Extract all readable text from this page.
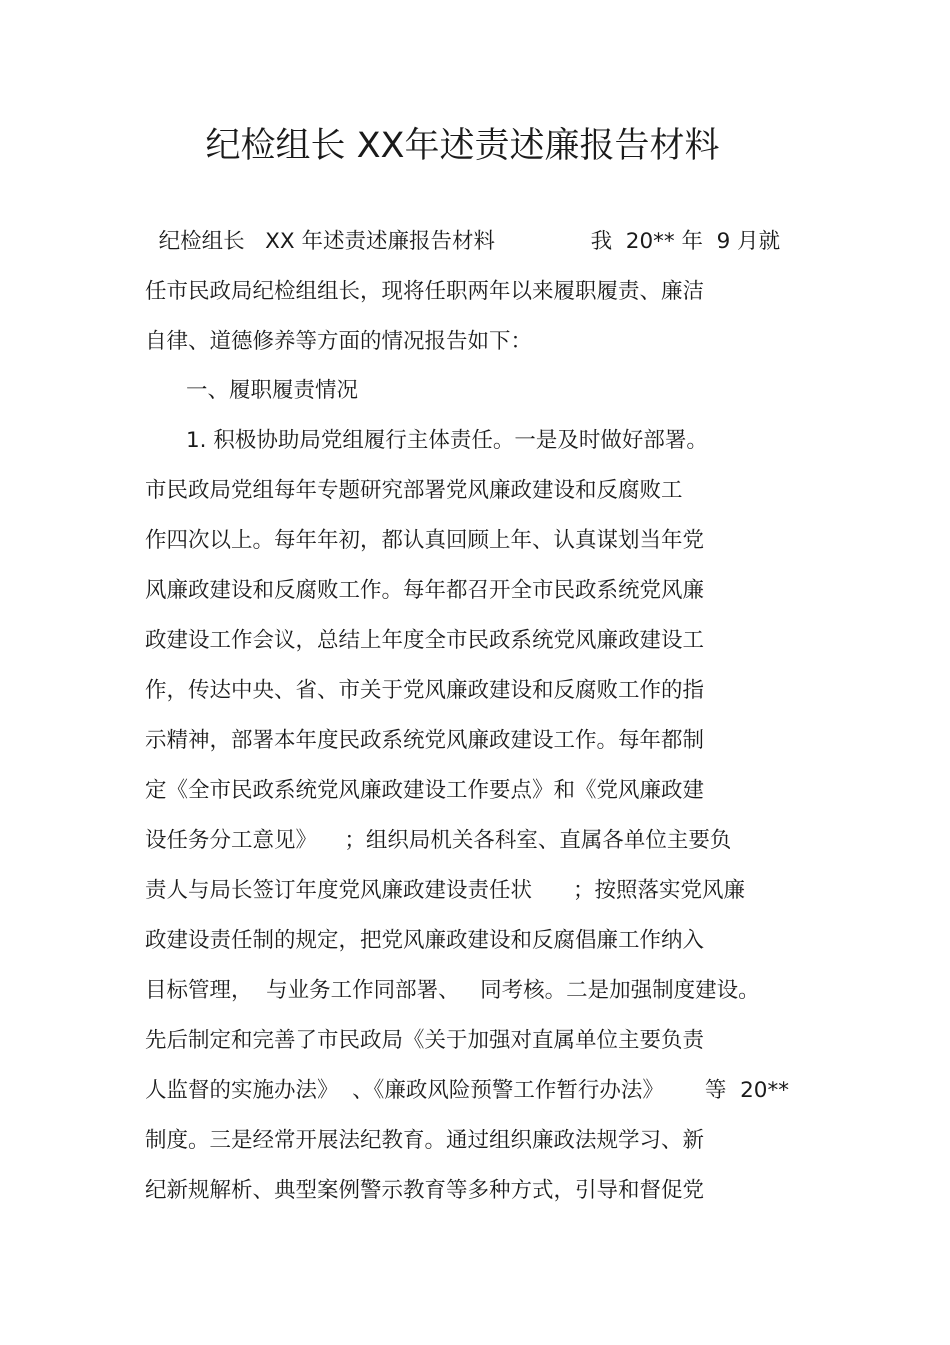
纪检组长 XX年述责述廉报告材料
纪检组长   XX 年述责述廉报告材料              我  20** 年  9 月就
任市民政局纪检组组长，现将任职两年以来履职履责、廉洁
自律、道德修养等方面的情况报告如下：
一、履职履责情况
1. 积极协助局党组履行主体责任。一是及时做好部署。
市民政局党组每年专题研究部署党风廉政建设和反腐败工
作四次以上。每年年初，都认真回顾上年、认真谋划当年党
风廉政建设和反腐败工作。每年都召开全市民政系统党风廉
政建设工作会议，总结上年度全市民政系统党风廉政建设工
作，传达中央、省、市关于党风廉政建设和反腐败工作的指
示精神，部署本年度民政系统党风廉政建设工作。每年都制
定《全市民政系统党风廉政建设工作要点》和《党风廉政建
设任务分工意见》    ；组织局机关各科室、直属各单位主要负
责人与局长签订年度党风廉政建设责任状      ；按照落实党风廉
政建设责任制的规定，把党风廉政建设和反腐倡廉工作纳入
目标管理，  与业务工作同部署、   同考核。二是加强制度建设。
先后制定和完善了市民政局《关于加强对直属单位主要负责
人监督的实施办法》  、《廉政风险预警工作暂行办法》      等  20**
制度。三是经常开展法纪教育。通过组织廉政法规学习、新
纪新规解析、典型案例警示教育等多种方式，引导和督促党
